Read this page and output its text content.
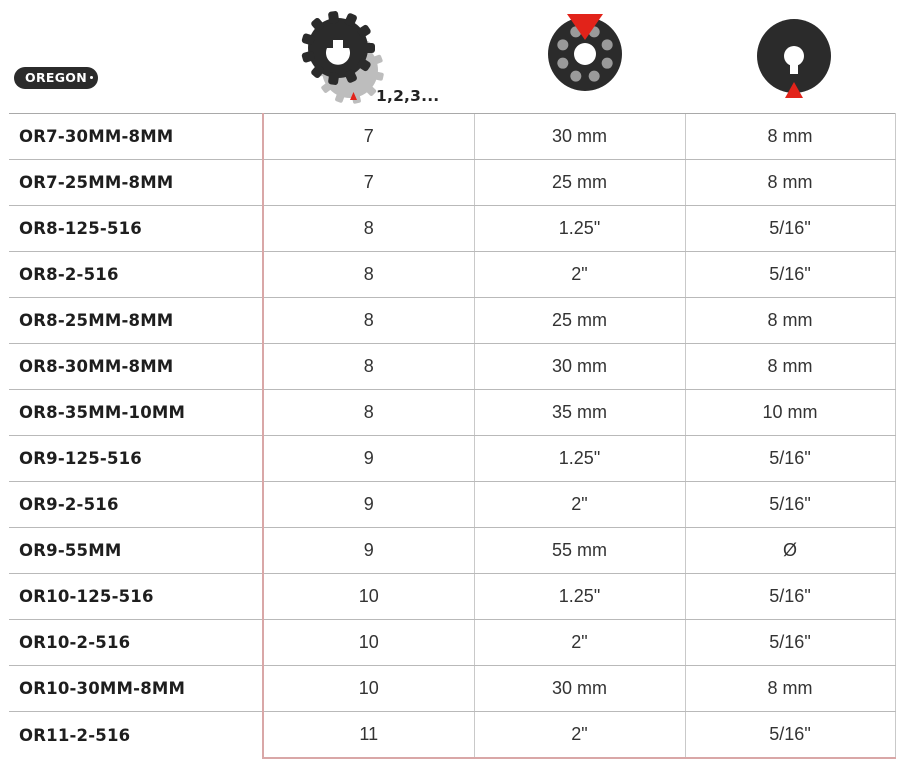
OREGON
1,2,3...
OR7-30MM-8MM	7	30 mm	8 mm
OR7-25MM-8MM	7	25 mm	8 mm
OR8-125-516	8	1.25"	5/16"
OR8-2-516	8	2"	5/16"
OR8-25MM-8MM	8	25 mm	8 mm
OR8-30MM-8MM	8	30 mm	8 mm
OR8-35MM-10MM	8	35 mm	10 mm
OR9-125-516	9	1.25"	5/16"
OR9-2-516	9	2"	5/16"
OR9-55MM	9	55 mm	Ø
OR10-125-516	10	1.25"	5/16"
OR10-2-516	10	2"	5/16"
OR10-30MM-8MM	10	30 mm	8 mm
OR11-2-516	11	2"	5/16"
